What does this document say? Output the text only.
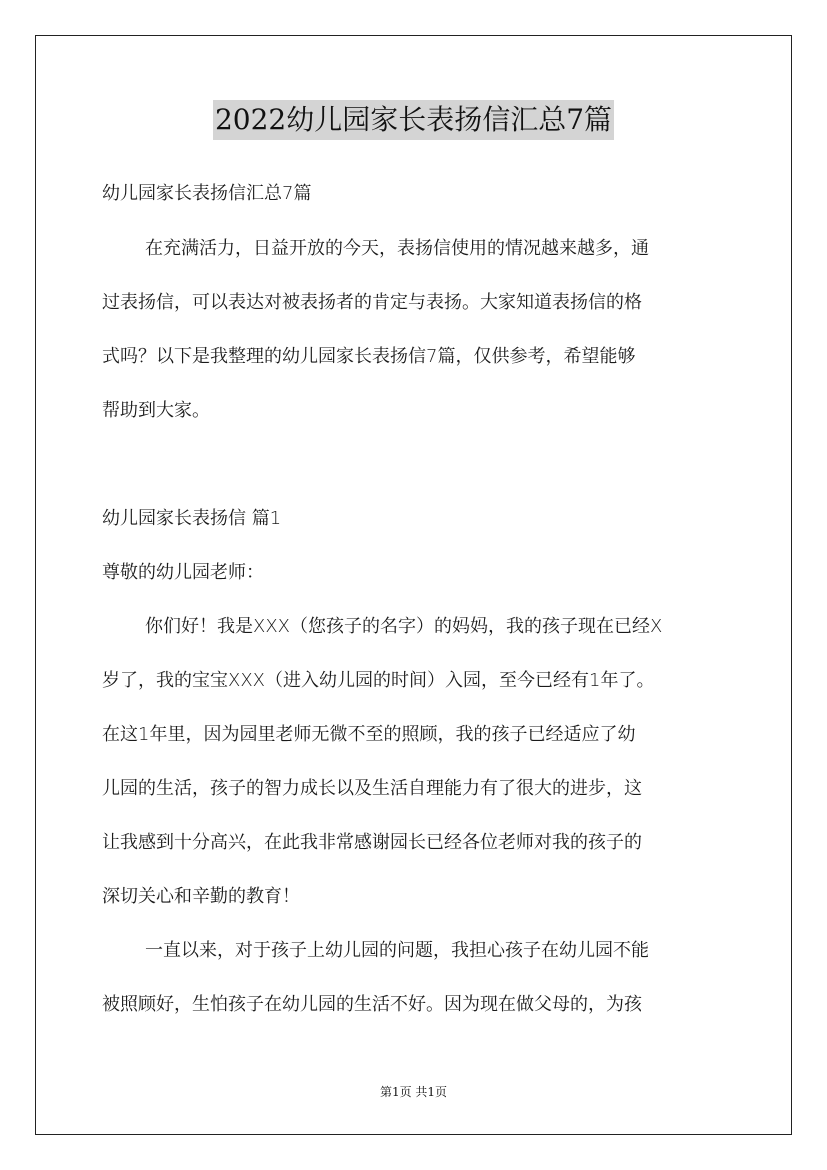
2022幼儿园家长表扬信汇总7篇
幼儿园家长表扬信汇总7篇
在充满活力，日益开放的今天，表扬信使用的情况越来越多，通
过表扬信，可以表达对被表扬者的肯定与表扬。大家知道表扬信的格
式吗？以下是我整理的幼儿园家长表扬信7篇，仅供参考，希望能够
帮助到大家。
幼儿园家长表扬信 篇1
尊敬的幼儿园老师：
你们好！我是XXX（您孩子的名字）的妈妈，我的孩子现在已经X
岁了，我的宝宝XXX（进入幼儿园的时间）入园，至今已经有1年了。
在这1年里，因为园里老师无微不至的照顾，我的孩子已经适应了幼
儿园的生活，孩子的智力成长以及生活自理能力有了很大的进步，这
让我感到十分高兴，在此我非常感谢园长已经各位老师对我的孩子的
深切关心和辛勤的教育！
一直以来，对于孩子上幼儿园的问题，我担心孩子在幼儿园不能
被照顾好，生怕孩子在幼儿园的生活不好。因为现在做父母的，为孩
第1页 共1页
